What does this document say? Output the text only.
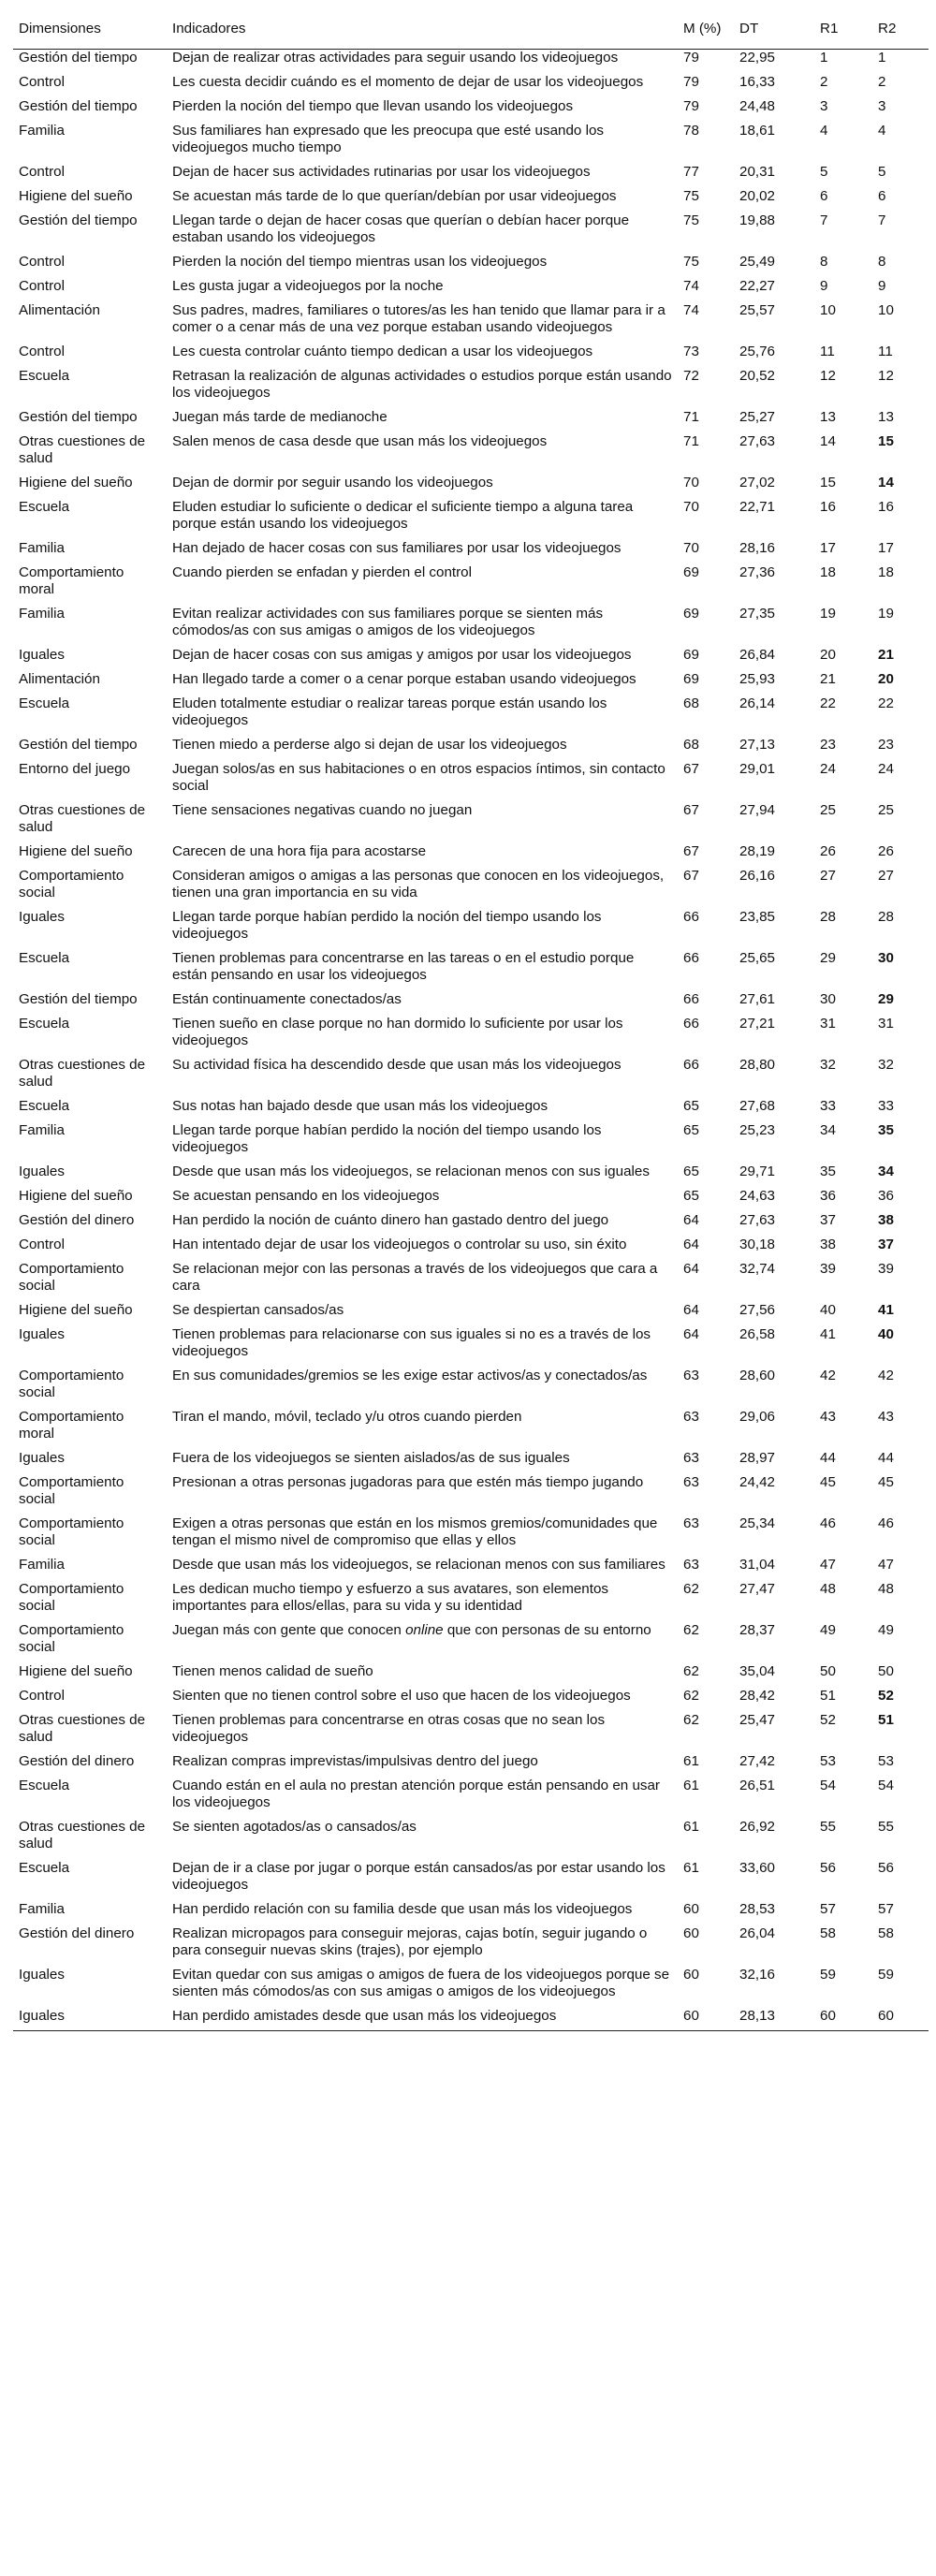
Dimensiones	Indicadores	M (%)	DT	R1	R2
Gestión del tiempo	Dejan de realizar otras actividades para seguir usando los videojuegos	79	22,95	1	1
Control	Les cuesta decidir cuándo es el momento de dejar de usar los videojuegos	79	16,33	2	2
Gestión del tiempo	Pierden la noción del tiempo que llevan usando los videojuegos	79	24,48	3	3
Familia	Sus familiares han expresado que les preocupa que esté usando los videojuegos mucho tiempo	78	18,61	4	4
Control	Dejan de hacer sus actividades rutinarias por usar los videojuegos	77	20,31	5	5
Higiene del sueño	Se acuestan más tarde de lo que querían/debían por usar videojuegos	75	20,02	6	6
Gestión del tiempo	Llegan tarde o dejan de hacer cosas que querían o debían hacer porque estaban usando los videojuegos	75	19,88	7	7
Control	Pierden la noción del tiempo mientras usan los videojuegos	75	25,49	8	8
Control	Les gusta jugar a videojuegos por la noche	74	22,27	9	9
Alimentación	Sus padres, madres, familiares o tutores/as les han tenido que llamar para ir a comer o a cenar más de una vez porque estaban usando videojuegos	74	25,57	10	10
Control	Les cuesta controlar cuánto tiempo dedican a usar los videojuegos	73	25,76	11	11
Escuela	Retrasan la realización de algunas actividades o estudios porque están usando los videojuegos	72	20,52	12	12
Gestión del tiempo	Juegan más tarde de medianoche	71	25,27	13	13
Otras cuestiones de salud	Salen menos de casa desde que usan más los videojuegos	71	27,63	14	15
Higiene del sueño	Dejan de dormir por seguir usando los videojuegos	70	27,02	15	14
Escuela	Eluden estudiar lo suficiente o dedicar el suficiente tiempo a alguna tarea porque están usando los videojuegos	70	22,71	16	16
Familia	Han dejado de hacer cosas con sus familiares por usar los videojuegos	70	28,16	17	17
Comportamiento moral	Cuando pierden se enfadan y pierden el control	69	27,36	18	18
Familia	Evitan realizar actividades con sus familiares porque se sienten más cómodos/as con sus amigas o amigos de los videojuegos	69	27,35	19	19
Iguales	Dejan de hacer cosas con sus amigas y amigos por usar los videojuegos	69	26,84	20	21
Alimentación	Han llegado tarde a comer o a cenar porque estaban usando videojuegos	69	25,93	21	20
Escuela	Eluden totalmente estudiar o realizar tareas porque están usando los videojuegos	68	26,14	22	22
Gestión del tiempo	Tienen miedo a perderse algo si dejan de usar los videojuegos	68	27,13	23	23
Entorno del juego	Juegan solos/as en sus habitaciones o en otros espacios íntimos, sin contacto social	67	29,01	24	24
Otras cuestiones de salud	Tiene sensaciones negativas cuando no juegan	67	27,94	25	25
Higiene del sueño	Carecen de una hora fija para acostarse	67	28,19	26	26
Comportamiento social	Consideran amigos o amigas a las personas que conocen en los videojuegos, tienen una gran importancia en su vida	67	26,16	27	27
Iguales	Llegan tarde porque habían perdido la noción del tiempo usando los videojuegos	66	23,85	28	28
Escuela	Tienen problemas para concentrarse en las tareas o en el estudio porque están pensando en usar los videojuegos	66	25,65	29	30
Gestión del tiempo	Están continuamente conectados/as	66	27,61	30	29
Escuela	Tienen sueño en clase porque no han dormido lo suficiente por usar los videojuegos	66	27,21	31	31
Otras cuestiones de salud	Su actividad física ha descendido desde que usan más los videojuegos	66	28,80	32	32
Escuela	Sus notas han bajado desde que usan más los videojuegos	65	27,68	33	33
Familia	Llegan tarde porque habían perdido la noción del tiempo usando los videojuegos	65	25,23	34	35
Iguales	Desde que usan más los videojuegos, se relacionan menos con sus iguales	65	29,71	35	34
Higiene del sueño	Se acuestan pensando en los videojuegos	65	24,63	36	36
Gestión del dinero	Han perdido la noción de cuánto dinero han gastado dentro del juego	64	27,63	37	38
Control	Han intentado dejar de usar los videojuegos o controlar su uso, sin éxito	64	30,18	38	37
Comportamiento social	Se relacionan mejor con las personas a través de los videojuegos que cara a cara	64	32,74	39	39
Higiene del sueño	Se despiertan cansados/as	64	27,56	40	41
Iguales	Tienen problemas para relacionarse con sus iguales si no es a través de los videojuegos	64	26,58	41	40
Comportamiento social	En sus comunidades/gremios se les exige estar activos/as y conectados/as	63	28,60	42	42
Comportamiento moral	Tiran el mando, móvil, teclado y/u otros cuando pierden	63	29,06	43	43
Iguales	Fuera de los videojuegos se sienten aislados/as de sus iguales	63	28,97	44	44
Comportamiento social	Presionan a otras personas jugadoras para que estén más tiempo jugando	63	24,42	45	45
Comportamiento social	Exigen a otras personas que están en los mismos gremios/comunidades que tengan el mismo nivel de compromiso que ellas y ellos	63	25,34	46	46
Familia	Desde que usan más los videojuegos, se relacionan menos con sus familiares	63	31,04	47	47
Comportamiento social	Les dedican mucho tiempo y esfuerzo a sus avatares, son elementos importantes para ellos/ellas, para su vida y su identidad	62	27,47	48	48
Comportamiento social	Juegan más con gente que conocen online que con personas de su entorno	62	28,37	49	49
Higiene del sueño	Tienen menos calidad de sueño	62	35,04	50	50
Control	Sienten que no tienen control sobre el uso que hacen de los videojuegos	62	28,42	51	52
Otras cuestiones de salud	Tienen problemas para concentrarse en otras cosas que no sean los videojuegos	62	25,47	52	51
Gestión del dinero	Realizan compras imprevistas/impulsivas dentro del juego	61	27,42	53	53
Escuela	Cuando están en el aula no prestan atención porque están pensando en usar los videojuegos	61	26,51	54	54
Otras cuestiones de salud	Se sienten agotados/as o cansados/as	61	26,92	55	55
Escuela	Dejan de ir a clase por jugar o porque están cansados/as por estar usando los videojuegos	61	33,60	56	56
Familia	Han perdido relación con su familia desde que usan más los videojuegos	60	28,53	57	57
Gestión del dinero	Realizan micropagos para conseguir mejoras, cajas botín, seguir jugando o para conseguir nuevas skins (trajes), por ejemplo	60	26,04	58	58
Iguales	Evitan quedar con sus amigas o amigos de fuera de los videojuegos porque se sienten más cómodos/as con sus amigas o amigos de los videojuegos	60	32,16	59	59
Iguales	Han perdido amistades desde que usan más los videojuegos	60	28,13	60	60
